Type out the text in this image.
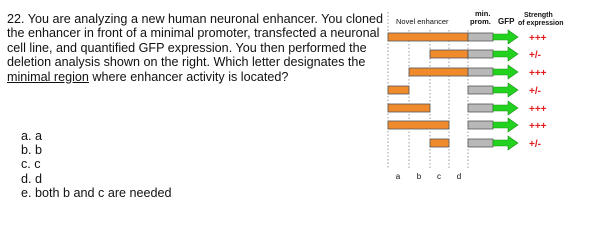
22. You are analyzing a new human neuronal enhancer. You cloned the enhancer in front of a minimal promoter, transfected a neuronal cell line, and quantified GFP expression. You then performed the deletion analysis shown on the right. Which letter designates the minimal region where enhancer activity is located?
a. a
b. b
c. c
d. d
e. both b and c are needed
Novel enhancer
min.
prom. GFP
Strength
of expression
+++
+/-
+++
+/-
+++
+++
+/-
a b c d
